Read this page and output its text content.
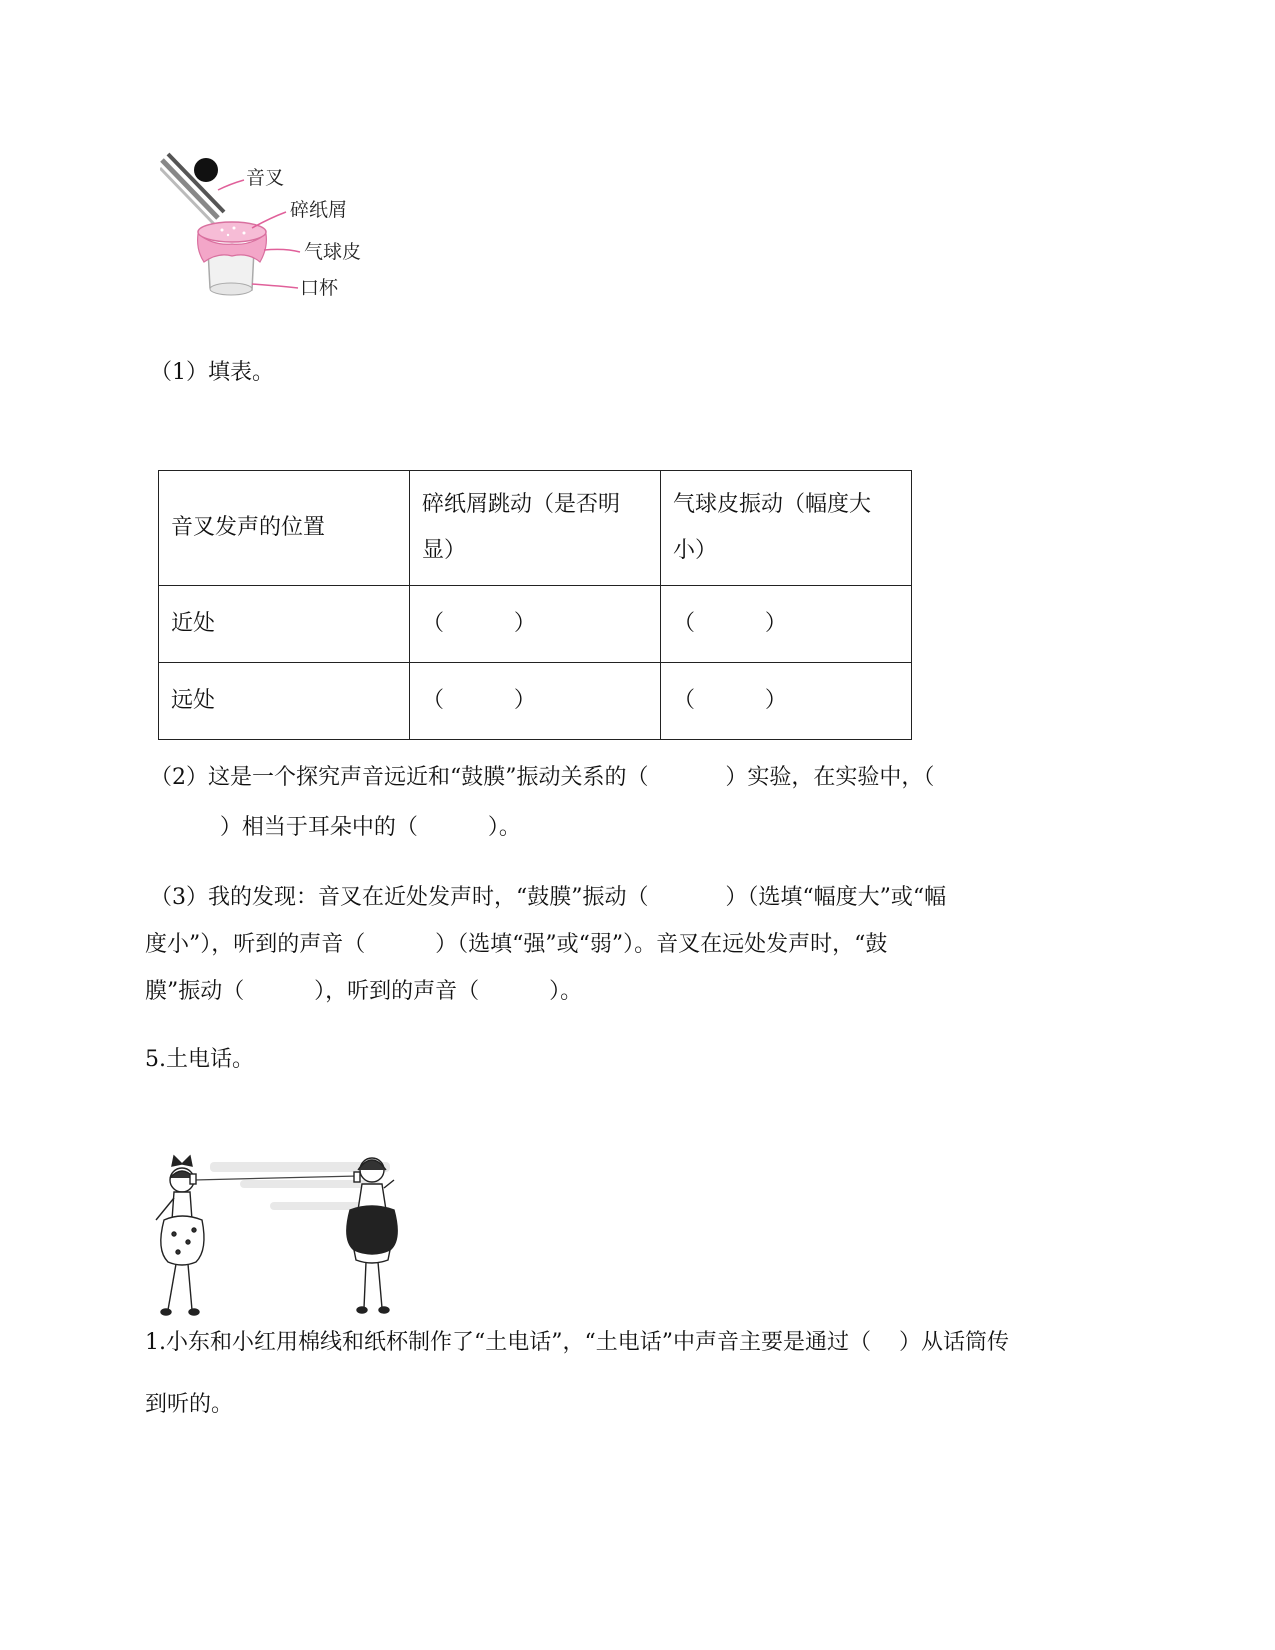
音叉
碎纸屑
气球皮
口杯
（1）填表。
音叉发声的位置	碎纸屑跳动（是否明显）	气球皮振动（幅度大小）
近处	（          ）	（          ）
远处	（          ）	（          ）
（2）这是一个探究声音远近和“鼓膜”振动关系的（           ）实验，在实验中，（
）相当于耳朵中的（          ）。
（3）我的发现：音叉在近处发声时，“鼓膜”振动（           ）（选填“幅度大”或“幅
度小”），听到的声音（          ）（选填“强”或“弱”）。音叉在远处发声时，“鼓
膜”振动（          ），听到的声音（          ）。
5.土电话。
1.小东和小红用棉线和纸杯制作了“土电话”，“土电话”中声音主要是通过（    ）从话筒传
到听的。
